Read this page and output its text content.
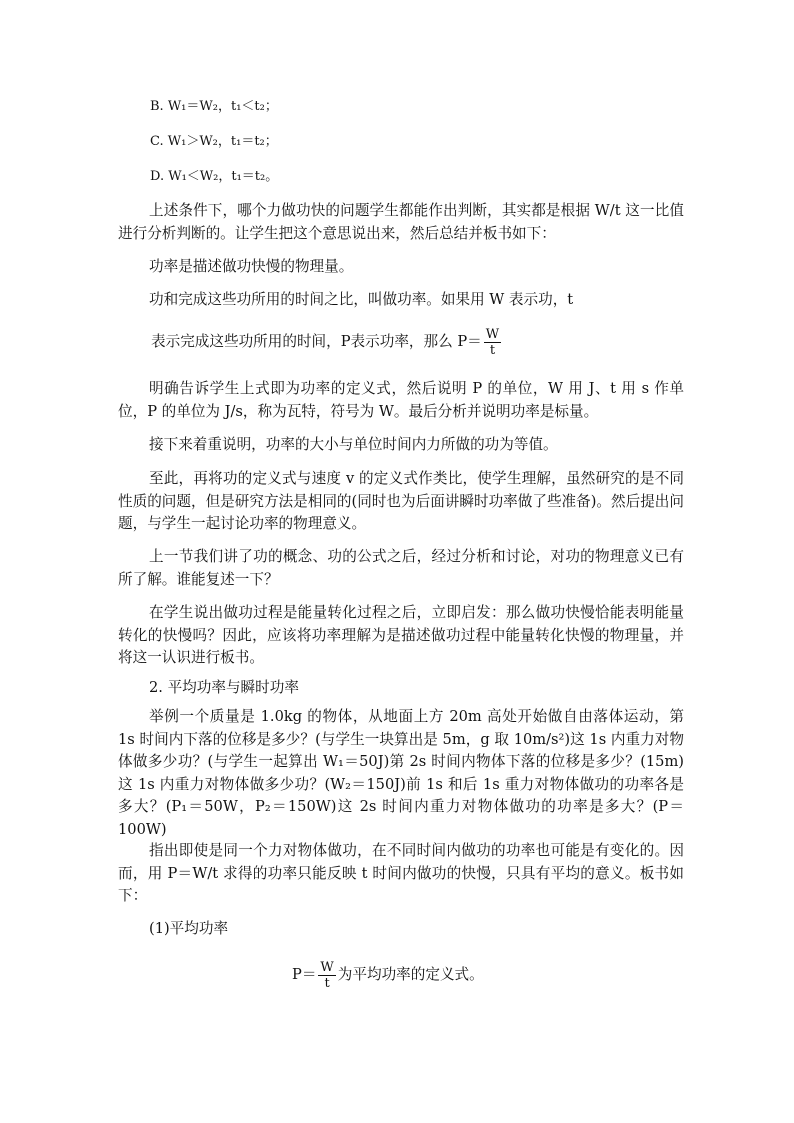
B. W₁＝W₂，t₁＜t₂；
C. W₁＞W₂，t₁＝t₂；
D. W₁＜W₂，t₁＝t₂。
上述条件下，哪个力做功快的问题学生都能作出判断，其实都是根据 W/t 这一比值进行分析判断的。让学生把这个意思说出来，然后总结并板书如下：
功率是描述做功快慢的物理量。
功和完成这些功所用的时间之比，叫做功率。如果用 W 表示功，t
表示完成这些功所用的时间，P表示功率，那么 $P= \frac{W}{t}$
明确告诉学生上式即为功率的定义式，然后说明 P 的单位，W 用 J、t 用 s 作单位，P 的单位为 J/s，称为瓦特，符号为 W。最后分析并说明功率是标量。
接下来着重说明，功率的大小与单位时间内力所做的功为等值。
至此，再将功的定义式与速度 v 的定义式作类比，使学生理解，虽然研究的是不同性质的问题，但是研究方法是相同的(同时也为后面讲瞬时功率做了些准备)。然后提出问题，与学生一起讨论功率的物理意义。
上一节我们讲了功的概念、功的公式之后，经过分析和讨论，对功的物理意义已有所了解。谁能复述一下？
在学生说出做功过程是能量转化过程之后，立即启发：那么做功快慢恰能表明能量转化的快慢吗？因此，应该将功率理解为是描述做功过程中能量转化快慢的物理量，并将这一认识进行板书。
2. 平均功率与瞬时功率
举例一个质量是 1.0kg 的物体，从地面上方 20m 高处开始做自由落体运动，第 1s 时间内下落的位移是多少？(与学生一块算出是 5m，g 取 10m/s²)这 1s 内重力对物体做多少功？(与学生一起算出 W₁＝50J)第 2s 时间内物体下落的位移是多少？(15m)这 1s 内重力对物体做多少功？(W₂＝150J)前 1s 和后 1s 重力对物体做功的功率各是多大？(P₁＝50W，P₂＝150W)这 2s 时间内重力对物体做功的功率是多大？(P＝100W)
指出即使是同一个力对物体做功，在不同时间内做功的功率也可能是有变化的。因而，用 P＝W/t 求得的功率只能反映 t 时间内做功的快慢，只具有平均的意义。板书如下：
(1)平均功率
$P= \frac{W}{t}$ 为平均功率的定义式。
